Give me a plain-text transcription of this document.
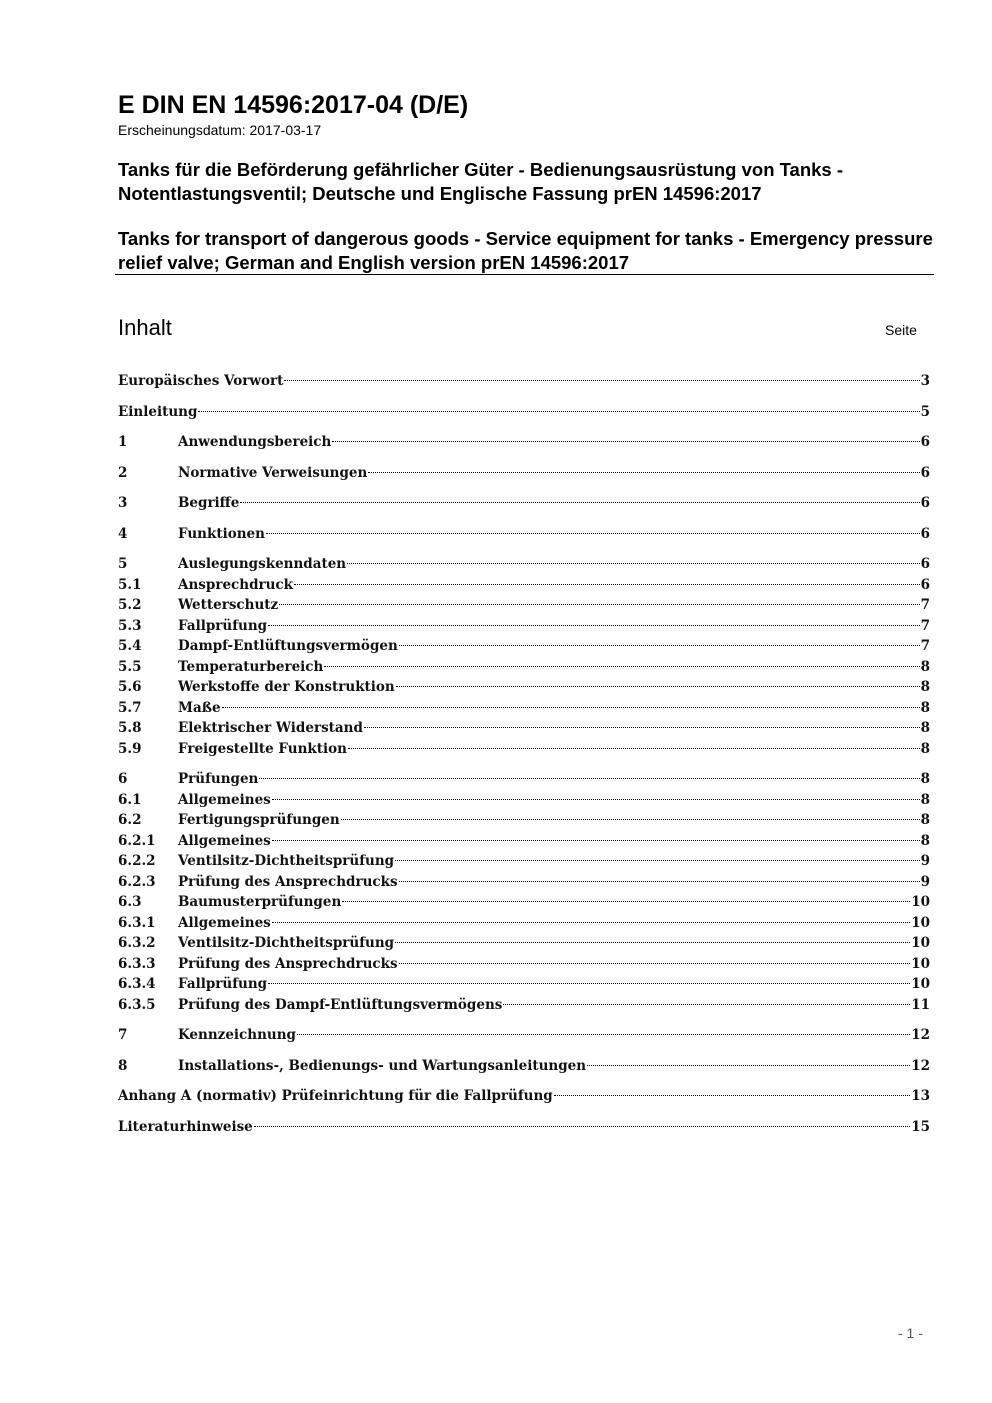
E DIN EN 14596:2017-04 (D/E)

Erscheinungsdatum: 2017-03-17

Tanks für die Beförderung gefährlicher Güter - Bedienungsausrüstung von Tanks - Notentlastungsventil; Deutsche und Englische Fassung prEN 14596:2017

Tanks for transport of dangerous goods - Service equipment for tanks - Emergency pressure relief valve; German and English version prEN 14596:2017

Inhalt	Seite
Europäisches Vorwort	3
Einleitung	5
1	Anwendungsbereich	6
2	Normative Verweisungen	6
3	Begriffe	6
4	Funktionen	6
5	Auslegungskenndaten	6
5.1	Ansprechdruck	6
5.2	Wetterschutz	7
5.3	Fallprüfung	7
5.4	Dampf-Entlüftungsvermögen	7
5.5	Temperaturbereich	8
5.6	Werkstoffe der Konstruktion	8
5.7	Maße	8
5.8	Elektrischer Widerstand	8
5.9	Freigestellte Funktion	8
6	Prüfungen	8
6.1	Allgemeines	8
6.2	Fertigungsprüfungen	8
6.2.1	Allgemeines	8
6.2.2	Ventilsitz-Dichtheitsprüfung	9
6.2.3	Prüfung des Ansprechdrucks	9
6.3	Baumusterprüfungen	10
6.3.1	Allgemeines	10
6.3.2	Ventilsitz-Dichtheitsprüfung	10
6.3.3	Prüfung des Ansprechdrucks	10
6.3.4	Fallprüfung	10
6.3.5	Prüfung des Dampf-Entlüftungsvermögens	11
7	Kennzeichnung	12
8	Installations-, Bedienungs- und Wartungsanleitungen	12
Anhang A (normativ) Prüfeinrichtung für die Fallprüfung	13
Literaturhinweise	15
- 1 -
